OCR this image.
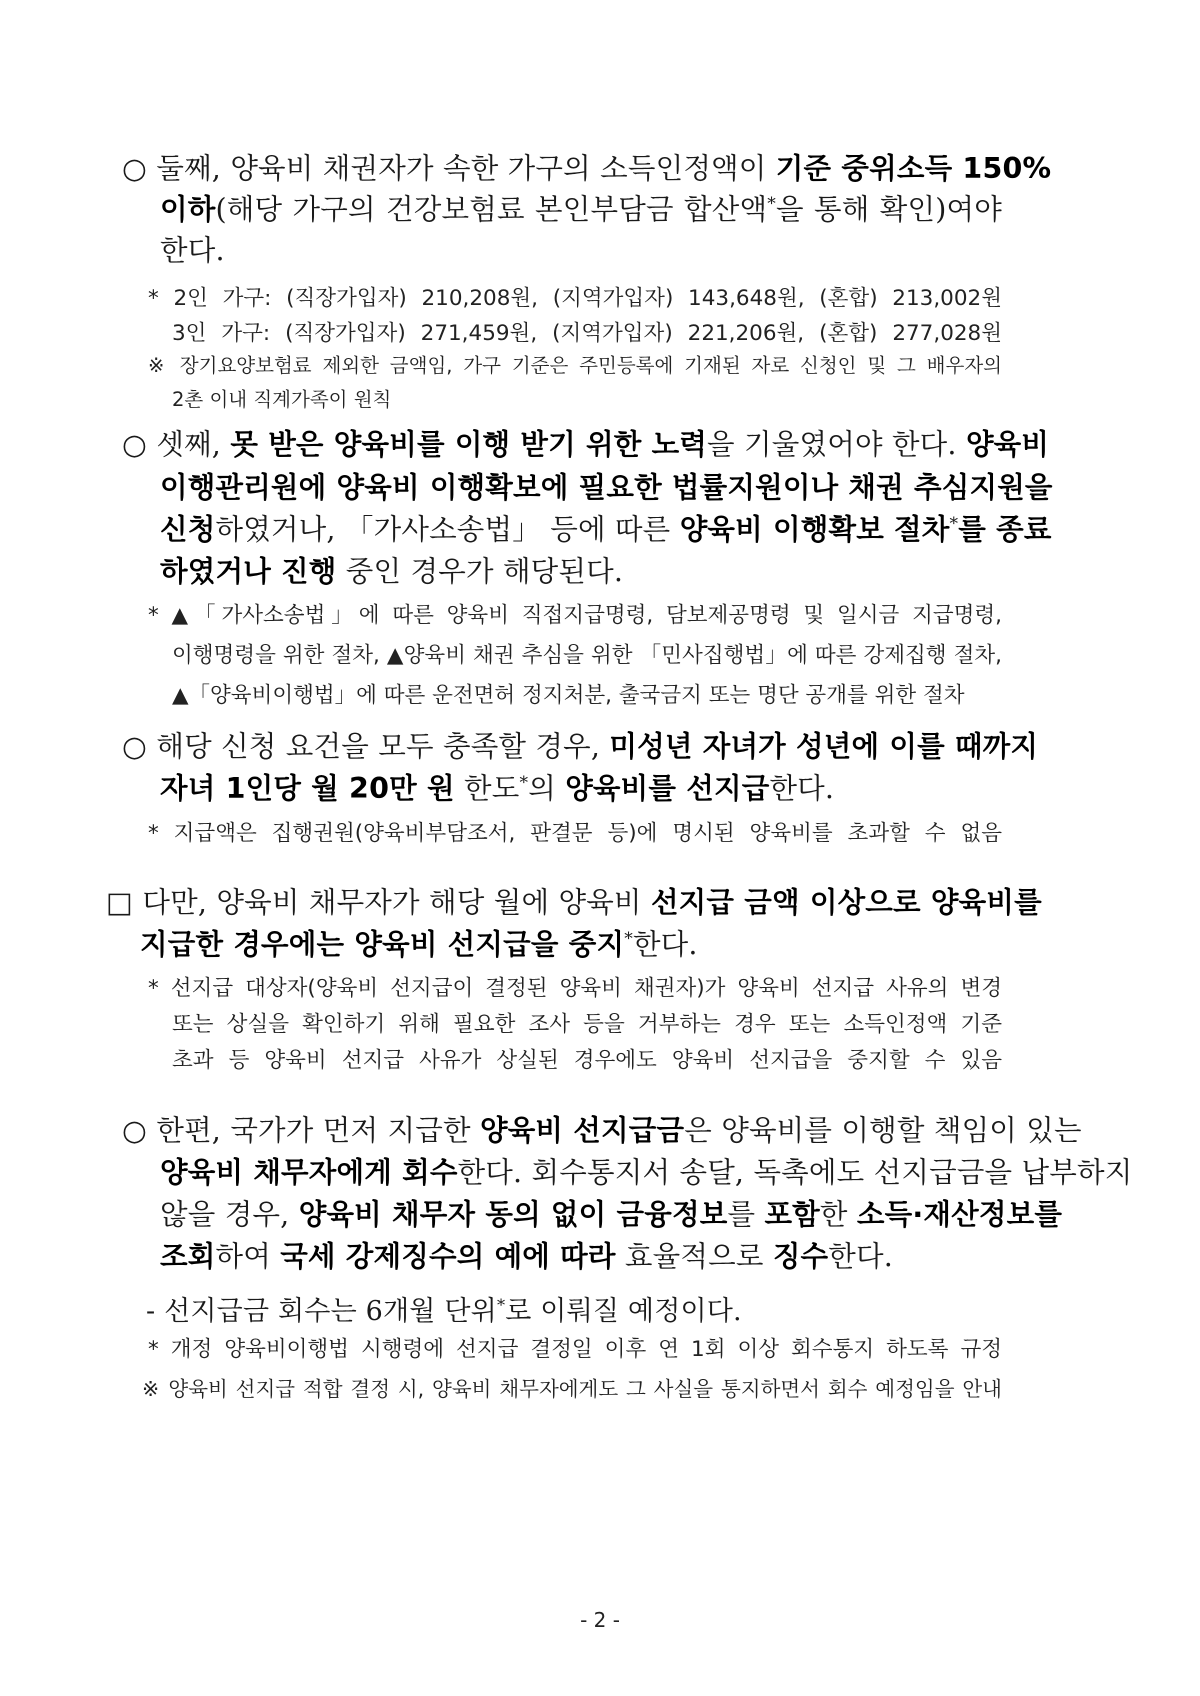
○ 둘째, 양육비 채권자가 속한 가구의 소득인정액이 기준 중위소득 150%
이하(해당 가구의 건강보험료 본인부담금 합산액*을 통해 확인)여야
한다.
* 2인 가구: (직장가입자) 210,208원, (지역가입자) 143,648원, (혼합) 213,002원
3인 가구: (직장가입자) 271,459원, (지역가입자) 221,206원, (혼합) 277,028원
※ 장기요양보험료 제외한 금액임, 가구 기준은 주민등록에 기재된 자로 신청인 및 그 배우자의
2촌 이내 직계가족이 원칙
○ 셋째, 못 받은 양육비를 이행 받기 위한 노력을 기울였어야 한다. 양육비
이행관리원에 양육비 이행확보에 필요한 법률지원이나 채권 추심지원을
신청하였거나, 「가사소송법」 등에 따른 양육비 이행확보 절차*를 종료
하였거나 진행 중인 경우가 해당된다.
* ▲「가사소송법」에 따른 양육비 직접지급명령, 담보제공명령 및 일시금 지급명령,
이행명령을 위한 절차, ▲양육비 채권 추심을 위한 「민사집행법」에 따른 강제집행 절차,
▲「양육비이행법」에 따른 운전면허 정지처분, 출국금지 또는 명단 공개를 위한 절차
○ 해당 신청 요건을 모두 충족할 경우, 미성년 자녀가 성년에 이를 때까지
자녀 1인당 월 20만 원 한도*의 양육비를 선지급한다.
* 지급액은 집행권원(양육비부담조서, 판결문 등)에 명시된 양육비를 초과할 수 없음
□ 다만, 양육비 채무자가 해당 월에 양육비 선지급 금액 이상으로 양육비를
지급한 경우에는 양육비 선지급을 중지*한다.
* 선지급 대상자(양육비 선지급이 결정된 양육비 채권자)가 양육비 선지급 사유의 변경
또는 상실을 확인하기 위해 필요한 조사 등을 거부하는 경우 또는 소득인정액 기준
초과 등 양육비 선지급 사유가 상실된 경우에도 양육비 선지급을 중지할 수 있음
○ 한편, 국가가 먼저 지급한 양육비 선지급금은 양육비를 이행할 책임이 있는
양육비 채무자에게 회수한다. 회수통지서 송달, 독촉에도 선지급금을 납부하지
않을 경우, 양육비 채무자 동의 없이 금융정보를 포함한 소득·재산정보를
조회하여 국세 강제징수의 예에 따라 효율적으로 징수한다.
- 선지급금 회수는 6개월 단위*로 이뤄질 예정이다.
* 개정 양육비이행법 시행령에 선지급 결정일 이후 연 1회 이상 회수통지 하도록 규정
※ 양육비 선지급 적합 결정 시, 양육비 채무자에게도 그 사실을 통지하면서 회수 예정임을 안내
- 2 -
